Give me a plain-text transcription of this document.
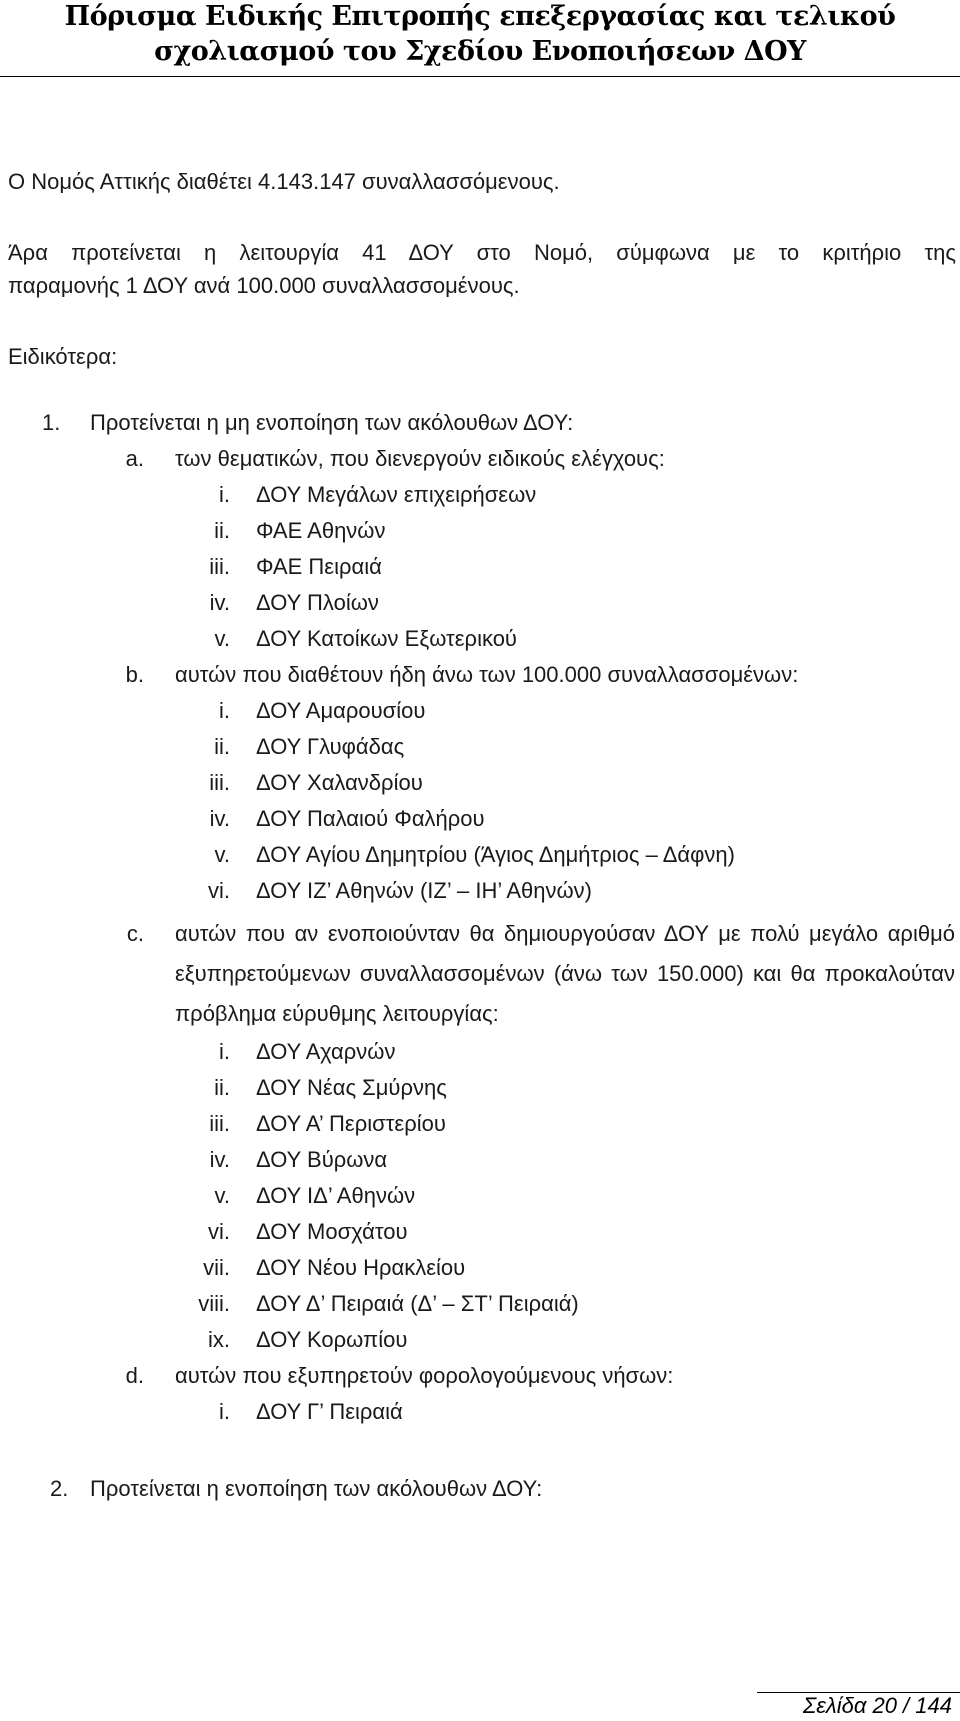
Πόρισμα Ειδικής Επιτροπής επεξεργασίας και τελικού
σχολιασμού του Σχεδίου Ενοποιήσεων ΔΟΥ
Ο Νομός Αττικής διαθέτει 4.143.147 συναλλασσόμενους.
Άρα προτείνεται η λειτουργία 41 ΔΟΥ στο Νομό, σύμφωνα με το κριτήριο της
παραμονής 1 ΔΟΥ ανά 100.000 συναλλασσομένους.
Ειδικότερα:
1.	Προτείνεται η μη ενοποίηση των ακόλουθων ΔΟΥ:
a. των θεματικών, που διενεργούν ειδικούς ελέγχους:
i. ΔΟΥ Μεγάλων επιχειρήσεων
ii. ΦΑΕ Αθηνών
iii. ΦΑΕ Πειραιά
iv. ΔΟΥ Πλοίων
v. ΔΟΥ Κατοίκων Εξωτερικού
b. αυτών που διαθέτουν ήδη άνω των 100.000 συναλλασσομένων:
i. ΔΟΥ Αμαρουσίου
ii. ΔΟΥ Γλυφάδας
iii. ΔΟΥ Χαλανδρίου
iv. ΔΟΥ Παλαιού Φαλήρου
v. ΔΟΥ Αγίου Δημητρίου (Άγιος Δημήτριος – Δάφνη)
vi. ΔΟΥ ΙΖ’ Αθηνών (ΙΖ’ – ΙΗ’ Αθηνών)
c. αυτών που αν ενοποιούνταν θα δημιουργούσαν ΔΟΥ με πολύ μεγάλο αριθμό εξυπηρετούμενων συναλλασσομένων (άνω των 150.000) και θα προκαλούταν πρόβλημα εύρυθμης λειτουργίας:
i. ΔΟΥ Αχαρνών
ii. ΔΟΥ Νέας Σμύρνης
iii. ΔΟΥ Α’ Περιστερίου
iv. ΔΟΥ Βύρωνα
v. ΔΟΥ ΙΔ’ Αθηνών
vi. ΔΟΥ Μοσχάτου
vii. ΔΟΥ Νέου Ηρακλείου
viii. ΔΟΥ Δ’ Πειραιά (Δ’ – ΣΤ’ Πειραιά)
ix. ΔΟΥ Κορωπίου
d. αυτών που εξυπηρετούν φορολογούμενους νήσων:
i. ΔΟΥ Γ’ Πειραιά
2. Προτείνεται η ενοποίηση των ακόλουθων ΔΟΥ:
Σελίδα 20 / 144
